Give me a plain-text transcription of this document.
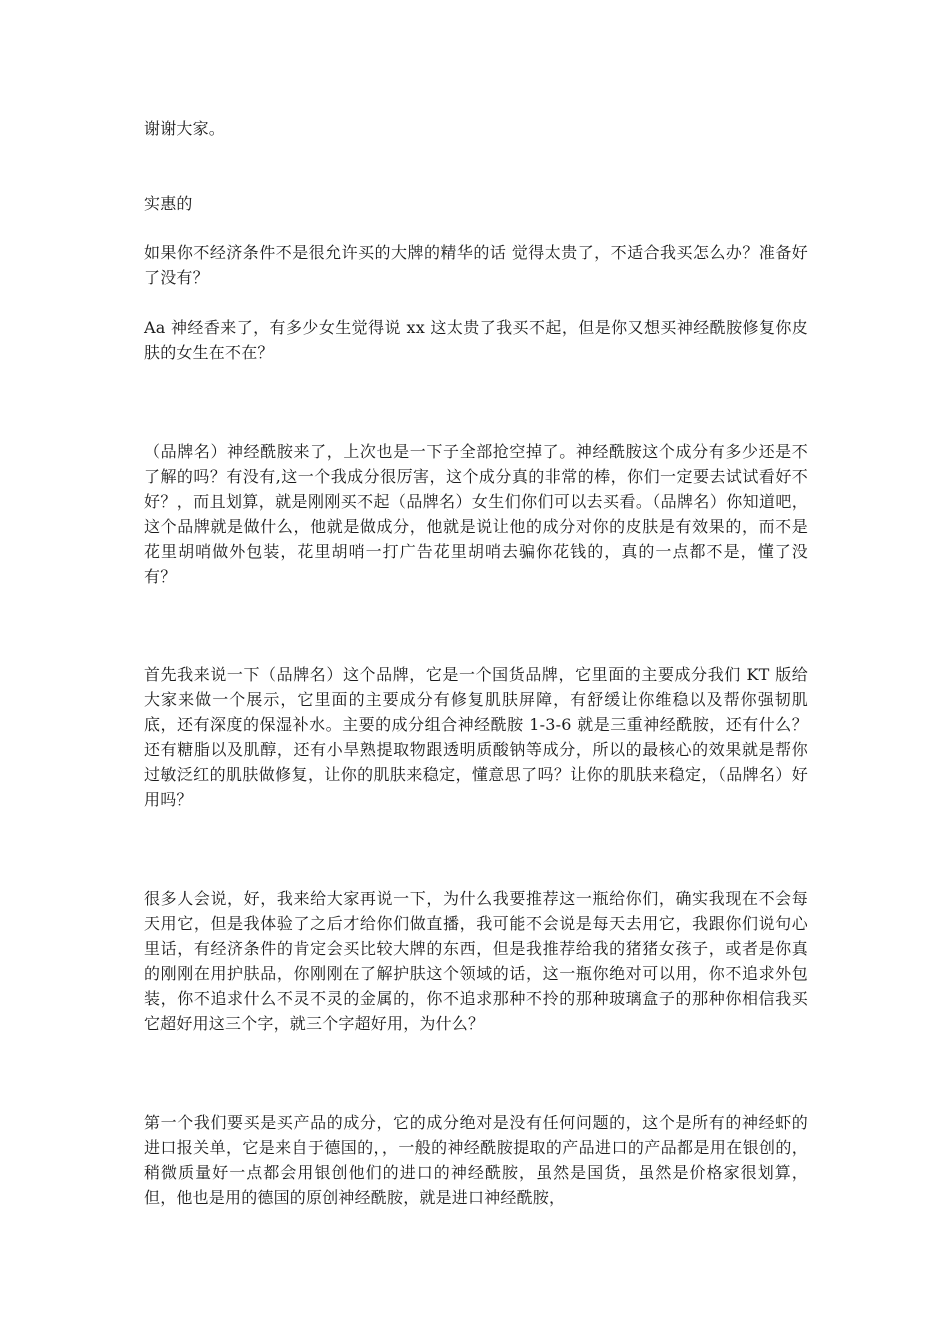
谢谢大家。

实惠的

如果你不经济条件不是很允许买的大牌的精华的话 觉得太贵了，不适合我买怎么办？准备好了没有？

Aa 神经香来了，有多少女生觉得说 xx 这太贵了我买不起，但是你又想买神经酰胺修复你皮肤的女生在不在？

（品牌名）神经酰胺来了，上次也是一下子全部抢空掉了。神经酰胺这个成分有多少还是不了解的吗？有没有,这一个我成分很厉害，这个成分真的非常的棒，你们一定要去试试看好不好？，而且划算，就是刚刚买不起（品牌名）女生们你们可以去买看。（品牌名）你知道吧，这个品牌就是做什么，他就是做成分，他就是说让他的成分对你的皮肤是有效果的，而不是花里胡哨做外包装，花里胡哨一打广告花里胡哨去骗你花钱的，真的一点都不是，懂了没有？

首先我来说一下（品牌名）这个品牌，它是一个国货品牌，它里面的主要成分我们 KT 版给大家来做一个展示，它里面的主要成分有修复肌肤屏障，有舒缓让你维稳以及帮你强韧肌底，还有深度的保湿补水。主要的成分组合神经酰胺 1-3-6 就是三重神经酰胺，还有什么？还有糖脂以及肌醇，还有小旱熟提取物跟透明质酸钠等成分，所以的最核心的效果就是帮你过敏泛红的肌肤做修复，让你的肌肤来稳定，懂意思了吗？让你的肌肤来稳定，（品牌名）好用吗？

很多人会说，好，我来给大家再说一下，为什么我要推荐这一瓶给你们，确实我现在不会每天用它，但是我体验了之后才给你们做直播，我可能不会说是每天去用它，我跟你们说句心里话，有经济条件的肯定会买比较大牌的东西，但是我推荐给我的猪猪女孩子，或者是你真的刚刚在用护肤品，你刚刚在了解护肤这个领域的话，这一瓶你绝对可以用，你不追求外包装，你不追求什么不灵不灵的金属的，你不追求那种不拎的那种玻璃盒子的那种你相信我买它超好用这三个字，就三个字超好用，为什么？

第一个我们要买是买产品的成分，它的成分绝对是没有任何问题的，这个是所有的神经虾的进口报关单，它是来自于德国的，，一般的神经酰胺提取的产品进口的产品都是用在银创的，稍微质量好一点都会用银创他们的进口的神经酰胺，虽然是国货，虽然是价格家很划算，但，他也是用的德国的原创神经酰胺，就是进口神经酰胺，
